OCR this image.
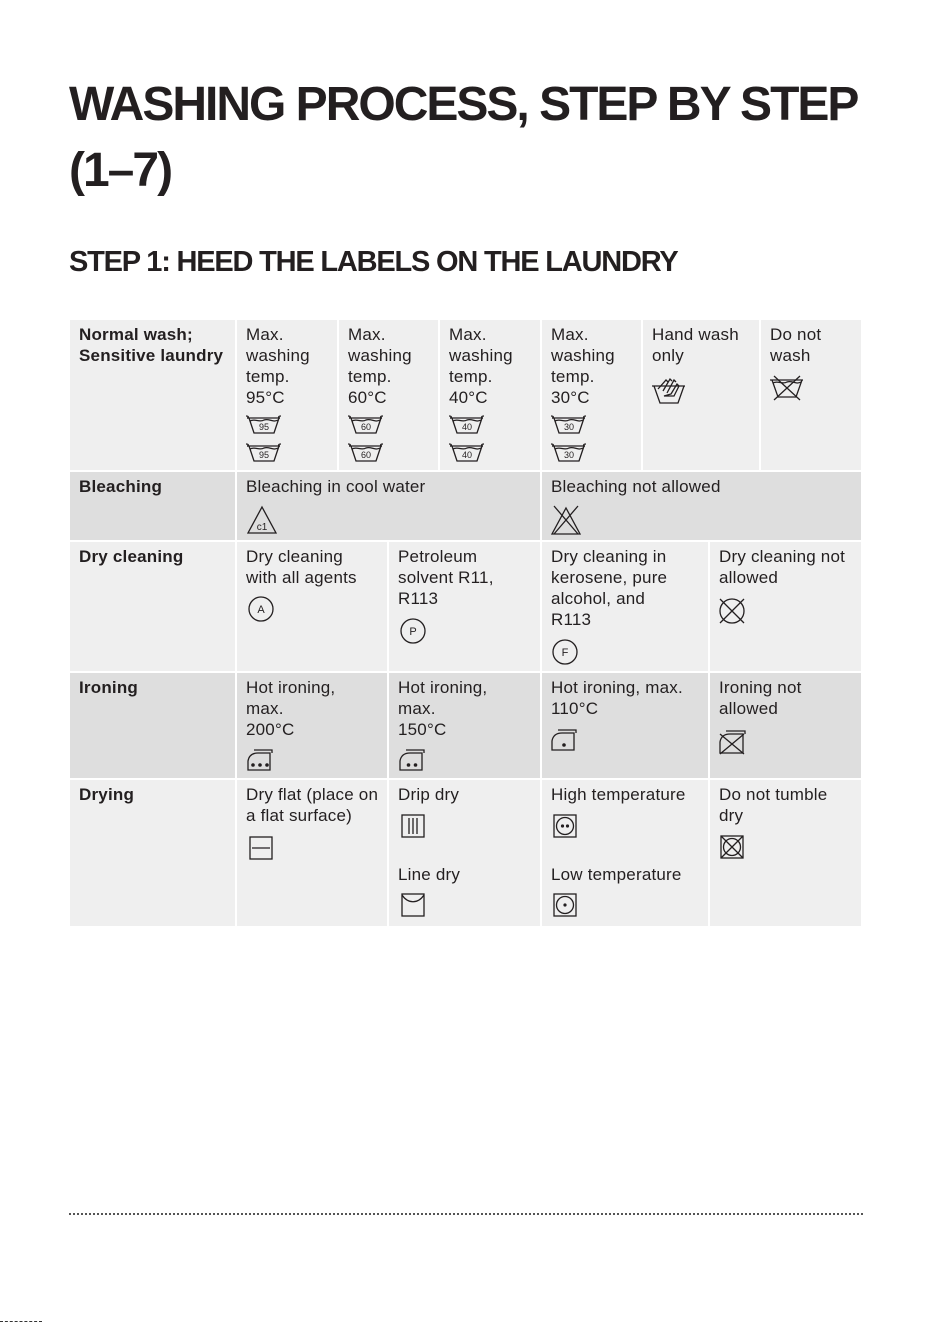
WASHING PROCESS, STEP BY STEP
(1–7)
STEP 1: HEED THE LABELS ON THE LAUNDRY
Normal wash;
Sensitive laundry
Bleaching
Dry cleaning
Ironing
Drying
Max.
washing
temp.
95°C
95
95
Max.
washing
temp.
60°C
60
60
Max.
washing
temp.
40°C
40
40
Max.
washing
temp.
30°C
30
30
Hand wash only
Do not wash
Bleaching in cool water
c1
Bleaching not allowed
Dry cleaning
with all agents
A
Petroleum
solvent R11,
R113
P
Dry cleaning in
kerosene, pure
alcohol, and
R113
F
Dry cleaning not
allowed
Hot ironing,
max.
200°C
Hot ironing,
max.
150°C
Hot ironing, max.
110°C
Ironing not
allowed
Dry flat (place on
a flat surface)
Drip dry
Line dry
High temperature
Low temperature
Do not tumble
dry
